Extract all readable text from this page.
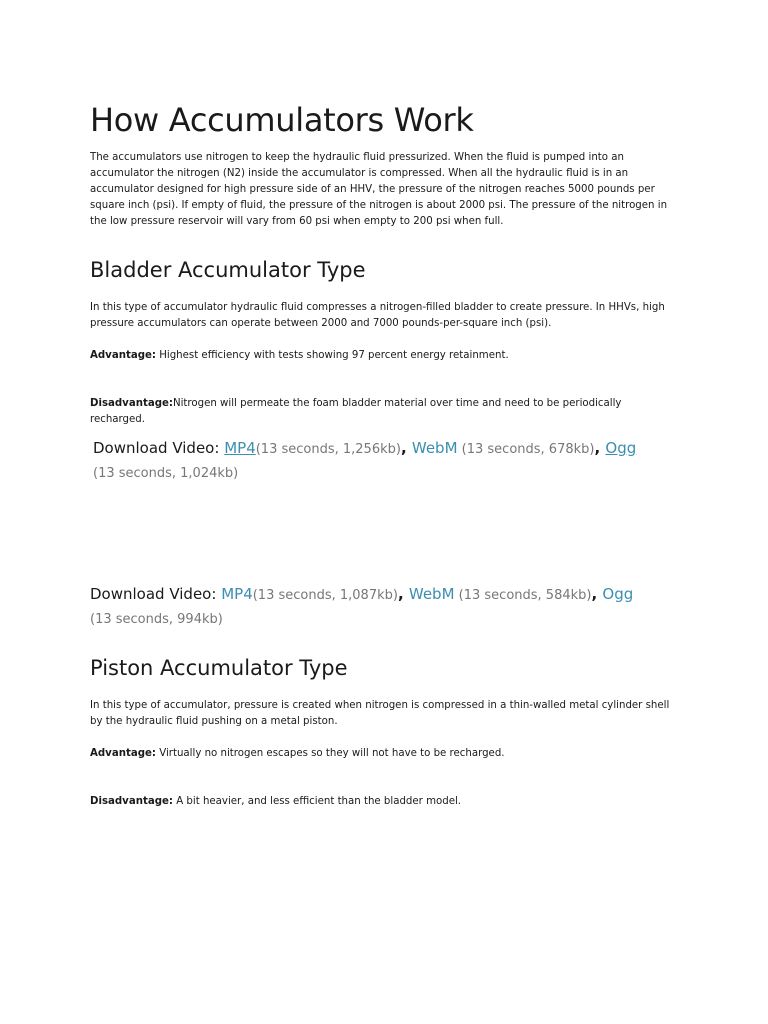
How Accumulators Work

The accumulators use nitrogen to keep the hydraulic fluid pressurized. When the fluid is pumped into an accumulator the nitrogen (N2) inside the accumulator is compressed. When all the hydraulic fluid is in an accumulator designed for high pressure side of an HHV, the pressure of the nitrogen reaches 5000 pounds per square inch (psi). If empty of fluid, the pressure of the nitrogen is about 2000 psi. The pressure of the nitrogen in the low pressure reservoir will vary from 60 psi when empty to 200 psi when full.

Bladder Accumulator Type

In this type of accumulator hydraulic fluid compresses a nitrogen-filled bladder to create pressure. In HHVs, high pressure accumulators can operate between 2000 and 7000 pounds-per-square inch (psi).

Advantage: Highest efficiency with tests showing 97 percent energy retainment.

Disadvantage:Nitrogen will permeate the foam bladder material over time and need to be periodically recharged.

Download Video: MP4(13 seconds, 1,256kb), WebM (13 seconds, 678kb), Ogg (13 seconds, 1,024kb)
Download Video: MP4(13 seconds, 1,087kb), WebM (13 seconds, 584kb), Ogg (13 seconds, 994kb)
Piston Accumulator Type

In this type of accumulator, pressure is created when nitrogen is compressed in a thin-walled metal cylinder shell by the hydraulic fluid pushing on a metal piston.

Advantage: Virtually no nitrogen escapes so they will not have to be recharged.

Disadvantage: A bit heavier, and less efficient than the bladder model.
